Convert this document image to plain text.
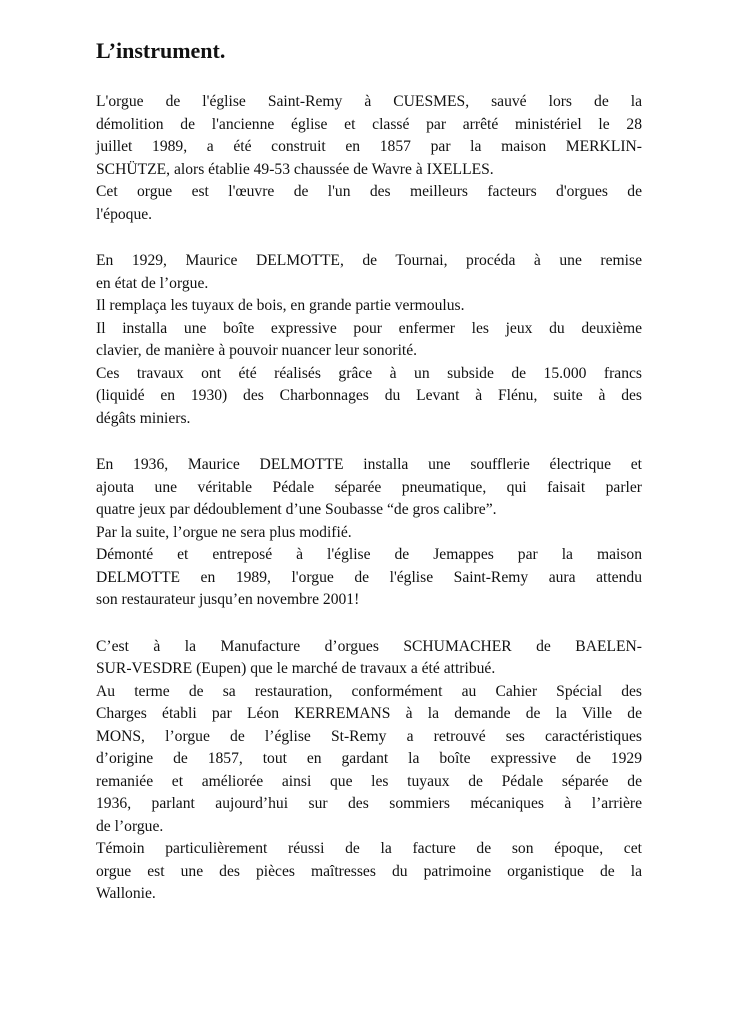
L’instrument.
L'orgue de l'église Saint-Remy à CUESMES, sauvé lors de la
démolition de l'ancienne église et classé par arrêté ministériel le 28
juillet 1989, a été construit en 1857 par la maison MERKLIN-
SCHÜTZE, alors établie 49-53 chaussée de Wavre à IXELLES.
Cet orgue est l'œuvre de l'un des meilleurs facteurs d'orgues de
l'époque.
En 1929, Maurice DELMOTTE, de Tournai, procéda à une remise
en état de l’orgue.
Il remplaça les tuyaux de bois, en grande partie vermoulus.
Il installa une boîte expressive pour enfermer les jeux du deuxième
clavier, de manière à pouvoir nuancer leur sonorité.
Ces travaux ont été réalisés grâce à un subside de 15.000 francs
(liquidé en 1930) des Charbonnages du Levant à Flénu, suite à des
dégâts miniers.
En 1936, Maurice DELMOTTE installa une soufflerie électrique et
ajouta une véritable Pédale séparée pneumatique, qui faisait parler
quatre jeux par dédoublement d’une Soubasse “de gros calibre”.
Par la suite, l’orgue ne sera plus modifié.
Démonté et entreposé à l'église de Jemappes par la maison
DELMOTTE en 1989, l'orgue de l'église Saint-Remy aura attendu
son restaurateur jusqu’en novembre 2001!
C’est à la Manufacture d’orgues SCHUMACHER de BAELEN-
SUR-VESDRE (Eupen) que le marché de travaux a été attribué.
Au terme de sa restauration, conformément au Cahier Spécial des
Charges établi par Léon KERREMANS à la demande de la Ville de
MONS, l’orgue de l’église St-Remy a retrouvé ses caractéristiques
d’origine de 1857, tout en gardant la boîte expressive de 1929
remaniée et améliorée ainsi que les tuyaux de Pédale séparée de
1936, parlant aujourd’hui sur des sommiers mécaniques à l’arrière
de l’orgue.
Témoin particulièrement réussi de la facture de son époque, cet
orgue est une des pièces maîtresses du patrimoine organistique de la
Wallonie.
